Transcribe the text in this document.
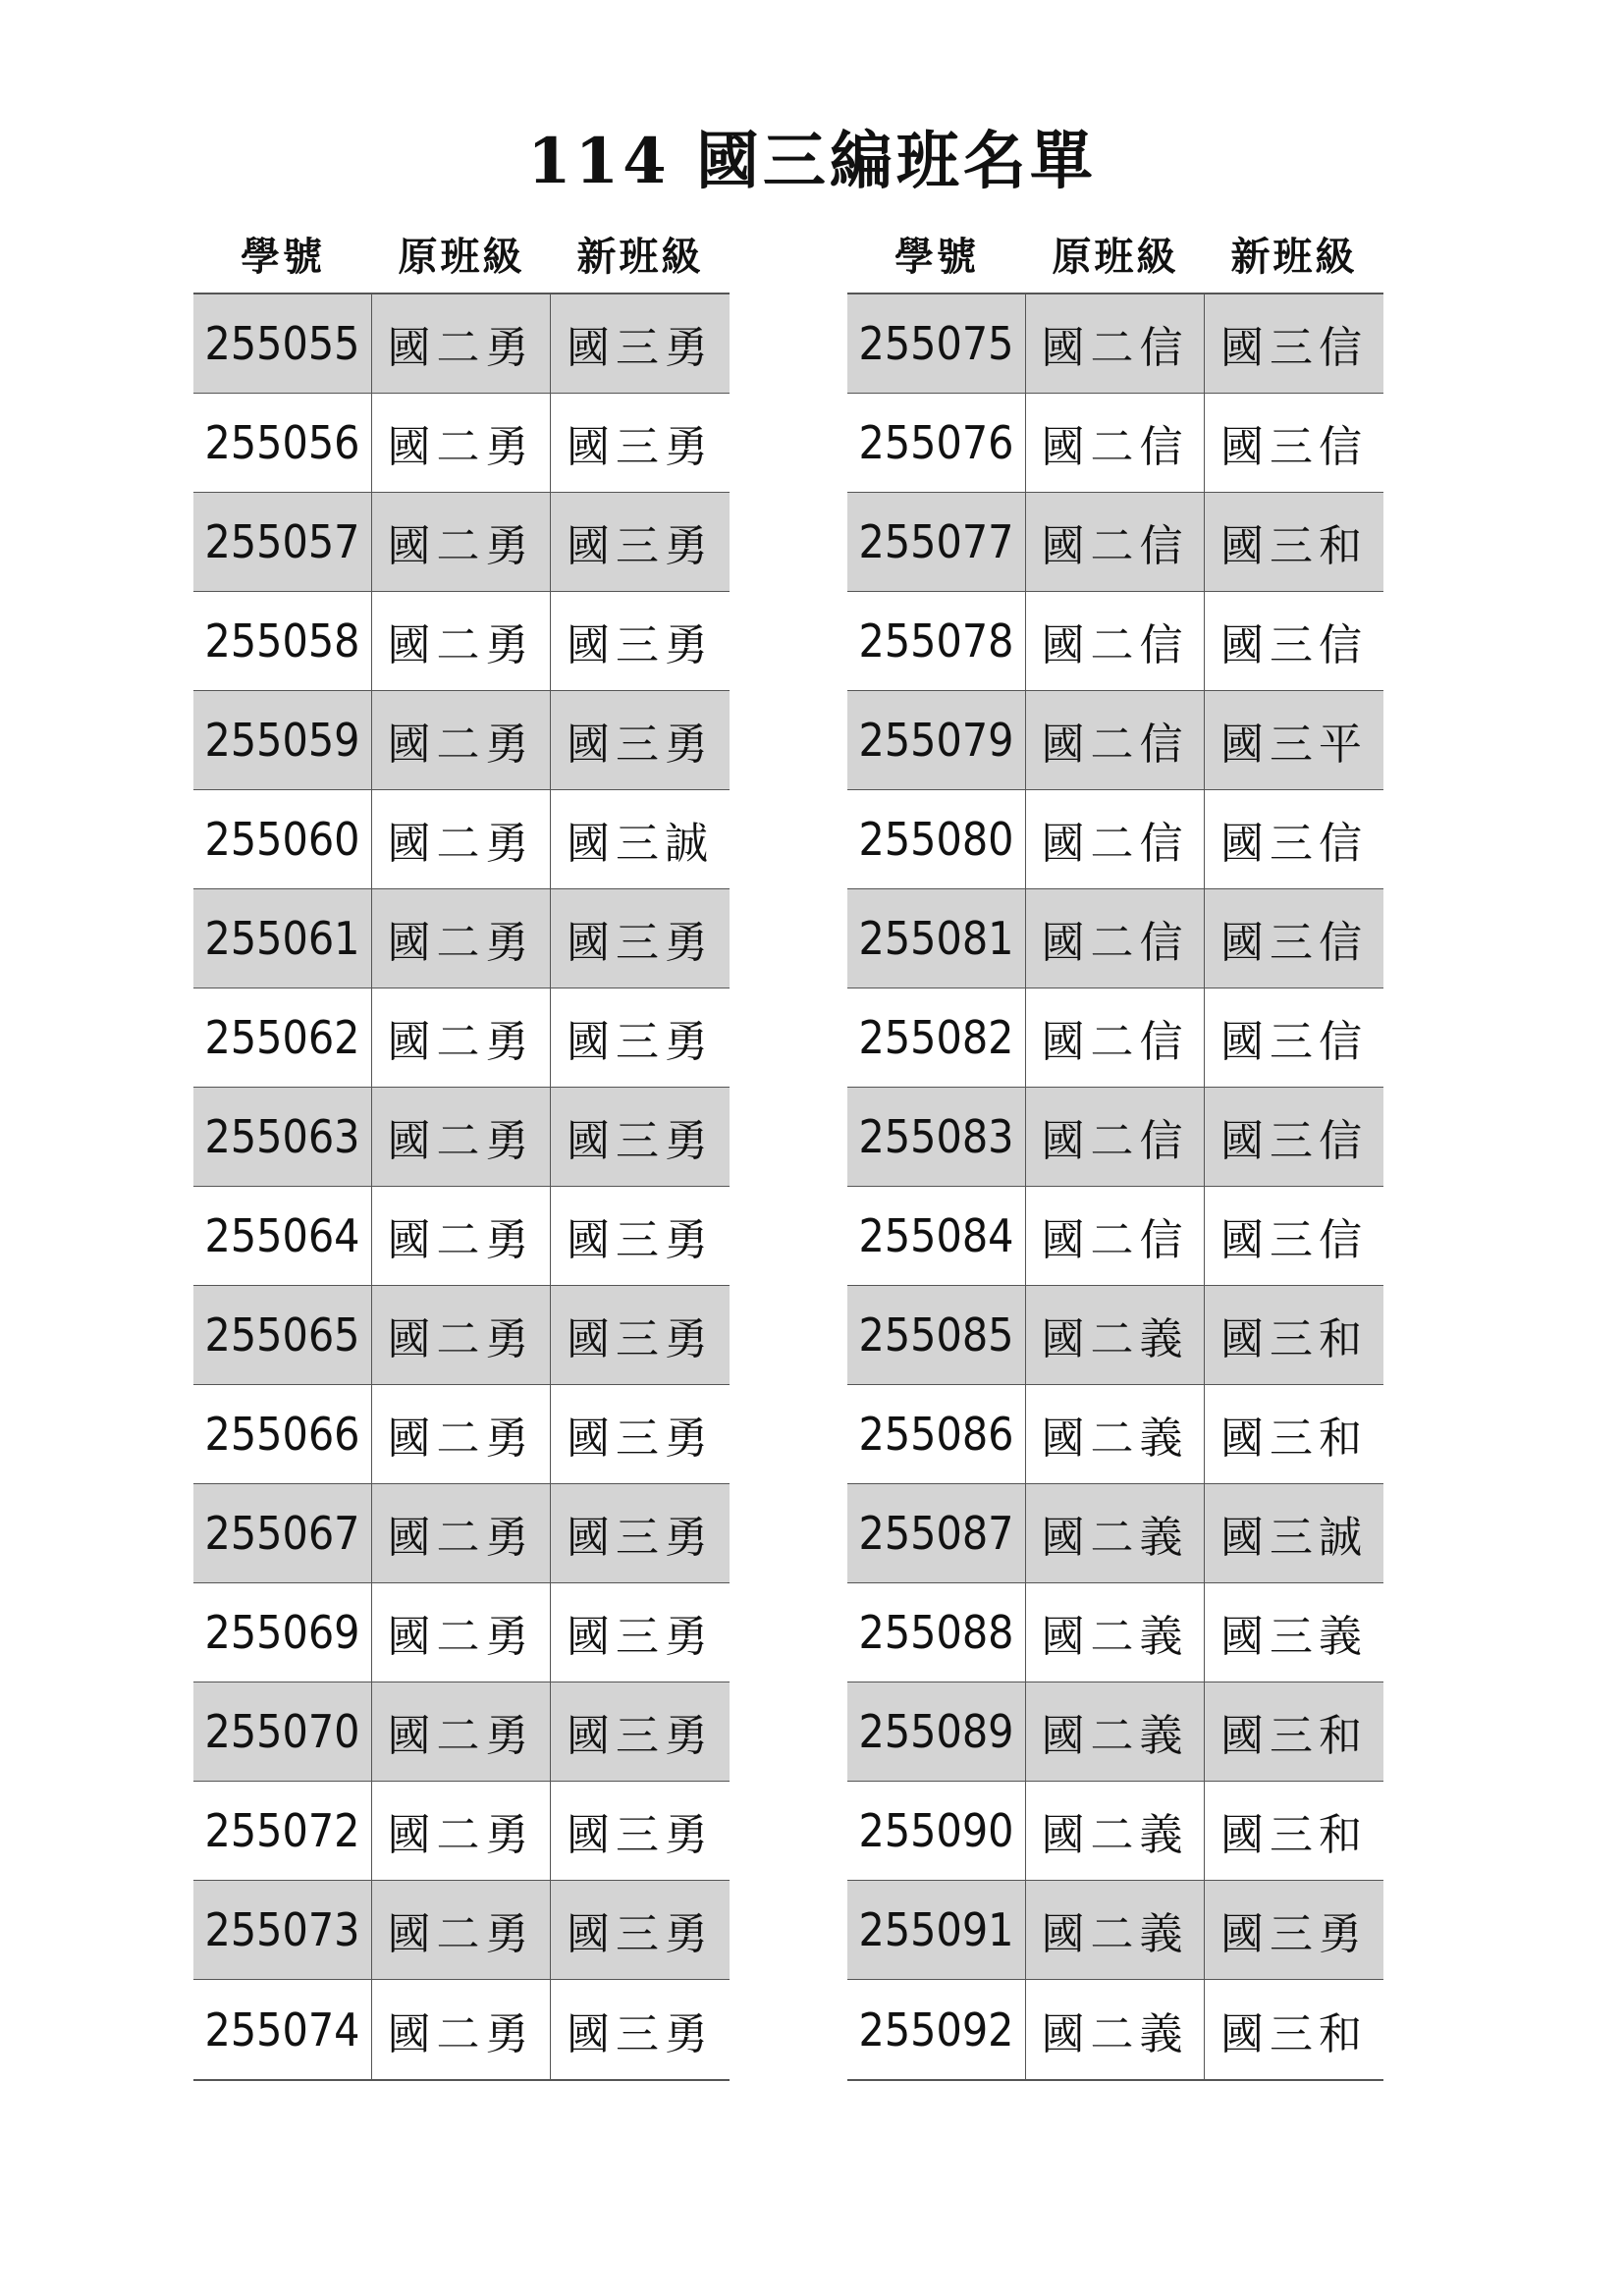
114 國三編班名單
學號	原班級	新班級
255055 國二勇 國三勇
255056 國二勇 國三勇
255057 國二勇 國三勇
255058 國二勇 國三勇
255059 國二勇 國三勇
255060 國二勇 國三誠
255061 國二勇 國三勇
255062 國二勇 國三勇
255063 國二勇 國三勇
255064 國二勇 國三勇
255065 國二勇 國三勇
255066 國二勇 國三勇
255067 國二勇 國三勇
255069 國二勇 國三勇
255070 國二勇 國三勇
255072 國二勇 國三勇
255073 國二勇 國三勇
255074 國二勇 國三勇
學號	原班級	新班級
255075 國二信 國三信
255076 國二信 國三信
255077 國二信 國三和
255078 國二信 國三信
255079 國二信 國三平
255080 國二信 國三信
255081 國二信 國三信
255082 國二信 國三信
255083 國二信 國三信
255084 國二信 國三信
255085 國二義 國三和
255086 國二義 國三和
255087 國二義 國三誠
255088 國二義 國三義
255089 國二義 國三和
255090 國二義 國三和
255091 國二義 國三勇
255092 國二義 國三和
